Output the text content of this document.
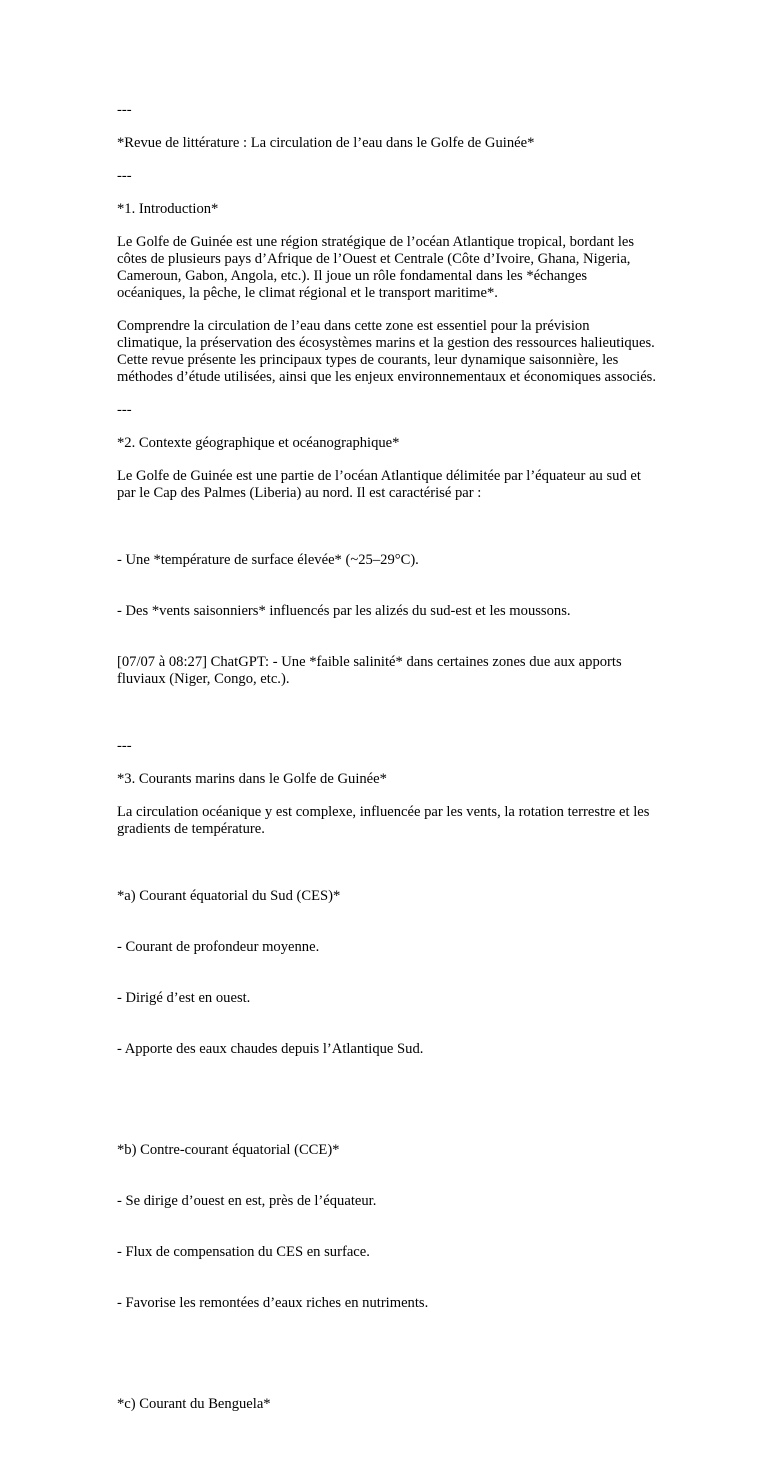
---

*Revue de littérature : La circulation de l’eau dans le Golfe de Guinée*

---

*1. Introduction*

Le Golfe de Guinée est une région stratégique de l’océan Atlantique tropical, bordant les côtes de plusieurs pays d’Afrique de l’Ouest et Centrale (Côte d’Ivoire, Ghana, Nigeria, Cameroun, Gabon, Angola, etc.). Il joue un rôle fondamental dans les *échanges océaniques, la pêche, le climat régional et le transport maritime*.

Comprendre la circulation de l’eau dans cette zone est essentiel pour la prévision climatique, la préservation des écosystèmes marins et la gestion des ressources halieutiques. Cette revue présente les principaux types de courants, leur dynamique saisonnière, les méthodes d’étude utilisées, ainsi que les enjeux environnementaux et économiques associés.

---

*2. Contexte géographique et océanographique*

Le Golfe de Guinée est une partie de l’océan Atlantique délimitée par l’équateur au sud et par le Cap des Palmes (Liberia) au nord. Il est caractérisé par :

- Une *température de surface élevée* (~25–29°C).

- Des *vents saisonniers* influencés par les alizés du sud-est et les moussons.

[07/07 à 08:27] ChatGPT: - Une *faible salinité* dans certaines zones due aux apports fluviaux (Niger, Congo, etc.).

---

*3. Courants marins dans le Golfe de Guinée*

La circulation océanique y est complexe, influencée par les vents, la rotation terrestre et les gradients de température.

*a) Courant équatorial du Sud (CES)*

- Courant de profondeur moyenne.

- Dirigé d’est en ouest.

- Apporte des eaux chaudes depuis l’Atlantique Sud.

*b) Contre-courant équatorial (CCE)*

- Se dirige d’ouest en est, près de l’équateur.

- Flux de compensation du CES en surface.

- Favorise les remontées d’eaux riches en nutriments.

*c) Courant du Benguela*
